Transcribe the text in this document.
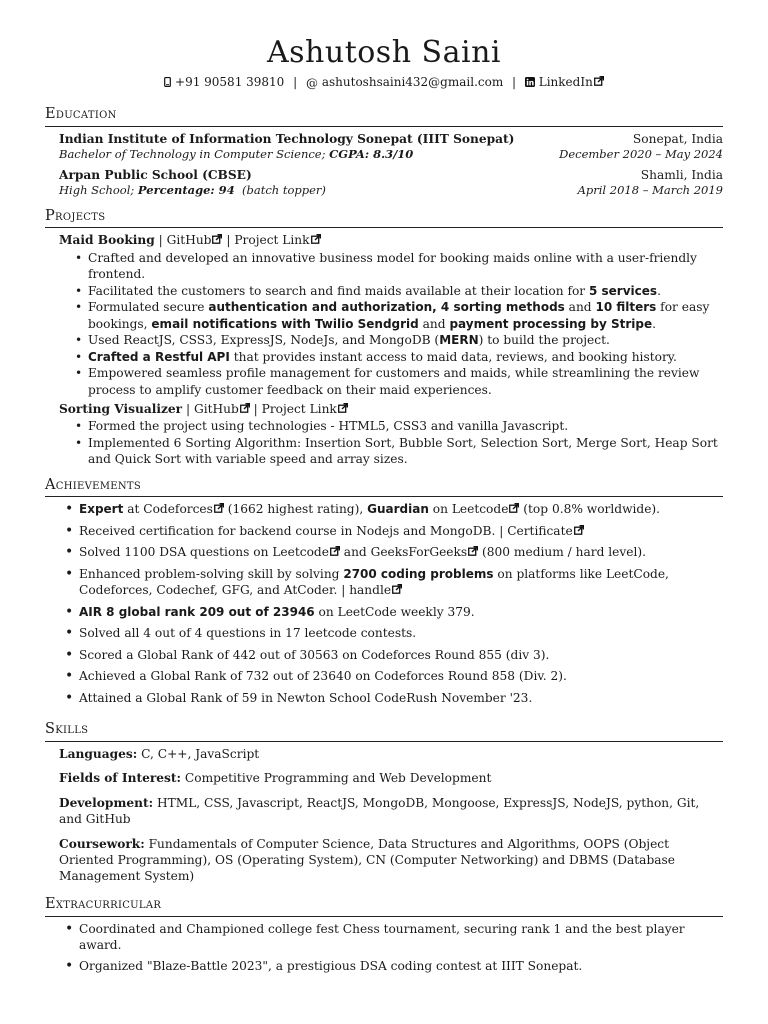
Ashutosh Saini
+91 90581 39810 | @ ashutoshsaini432@gmail.com | LinkedIn
Education
Indian Institute of Information Technology Sonepat (IIIT Sonepat)	Sonepat, India
Bachelor of Technology in Computer Science; CGPA: 8.3/10	December 2020 – May 2024
Arpan Public School (CBSE)	Shamli, India
High School; Percentage: 94 (batch topper)	April 2018 – March 2019
Projects
Maid Booking | GitHub | Project Link
• Crafted and developed an innovative business model for booking maids online with a user-friendly frontend.
• Facilitated the customers to search and find maids available at their location for 5 services.
• Formulated secure authentication and authorization, 4 sorting methods and 10 filters for easy bookings, email notifications with Twilio Sendgrid and payment processing by Stripe.
• Used ReactJS, CSS3, ExpressJS, NodeJs, and MongoDB (MERN) to build the project.
• Crafted a Restful API that provides instant access to maid data, reviews, and booking history.
• Empowered seamless profile management for customers and maids, while streamlining the review process to amplify customer feedback on their maid experiences.
Sorting Visualizer | GitHub | Project Link
• Formed the project using technologies - HTML5, CSS3 and vanilla Javascript.
• Implemented 6 Sorting Algorithm: Insertion Sort, Bubble Sort, Selection Sort, Merge Sort, Heap Sort and Quick Sort with variable speed and array sizes.
Achievements
• Expert at Codeforces (1662 highest rating), Guardian on Leetcode (top 0.8% worldwide).
• Received certification for backend course in Nodejs and MongoDB. | Certificate
• Solved 1100 DSA questions on Leetcode and GeeksForGeeks (800 medium / hard level).
• Enhanced problem-solving skill by solving 2700 coding problems on platforms like LeetCode, Codeforces, Codechef, GFG, and AtCoder. | handle
• AIR 8 global rank 209 out of 23946 on LeetCode weekly 379.
• Solved all 4 out of 4 questions in 17 leetcode contests.
• Scored a Global Rank of 442 out of 30563 on Codeforces Round 855 (div 3).
• Achieved a Global Rank of 732 out of 23640 on Codeforces Round 858 (Div. 2).
• Attained a Global Rank of 59 in Newton School CodeRush November '23.
Skills

Languages: C, C++, JavaScript

Fields of Interest: Competitive Programming and Web Development

Development: HTML, CSS, Javascript, ReactJS, MongoDB, Mongoose, ExpressJS, NodeJS, python, Git, and GitHub

Coursework: Fundamentals of Computer Science, Data Structures and Algorithms, OOPS (Object Oriented Programming), OS (Operating System), CN (Computer Networking) and DBMS (Database Management System)

Extracurricular
• Coordinated and Championed college fest Chess tournament, securing rank 1 and the best player award.
• Organized "Blaze-Battle 2023", a prestigious DSA coding contest at IIIT Sonepat.
